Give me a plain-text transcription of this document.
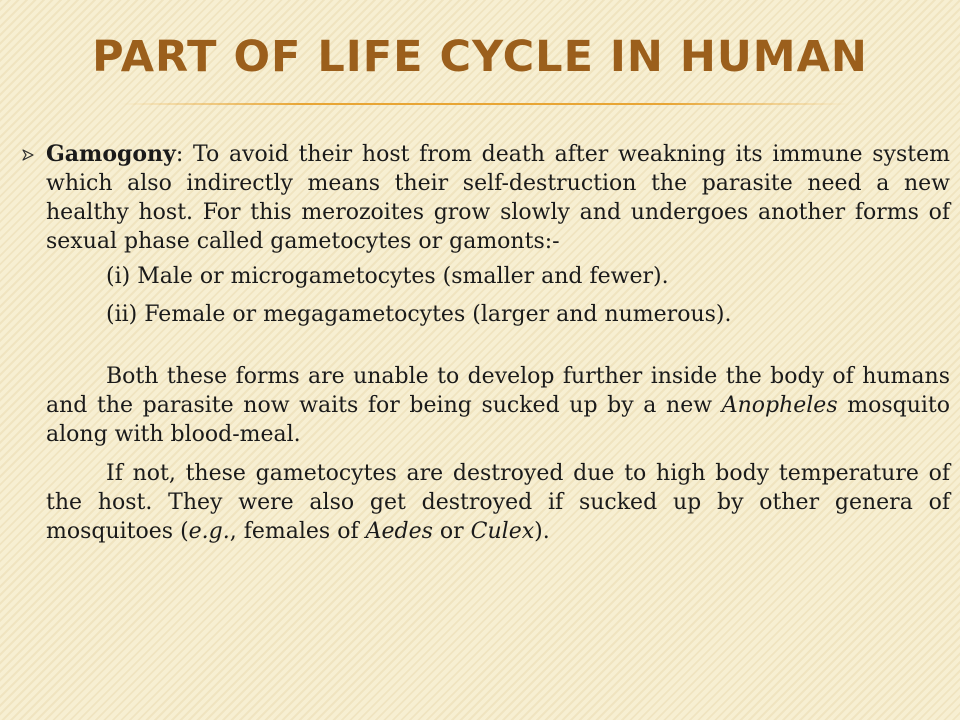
PART OF LIFE CYCLE IN HUMAN

Gamogony: To avoid their host from death after weakning its immune system which also indirectly means their self-destruction the parasite need a new healthy host. For this merozoites grow slowly and undergoes another forms of sexual phase called gametocytes or gamonts:-

(i) Male or microgametocytes (smaller and fewer).

(ii) Female or megagametocytes (larger and numerous).

Both these forms are unable to develop further inside the body of humans and the parasite now waits for being sucked up by a new Anopheles mosquito along with blood-meal.

If not, these gametocytes are destroyed due to high body temperature of the host. They were also get destroyed if sucked up by other genera of mosquitoes (e.g., females of Aedes or Culex).
